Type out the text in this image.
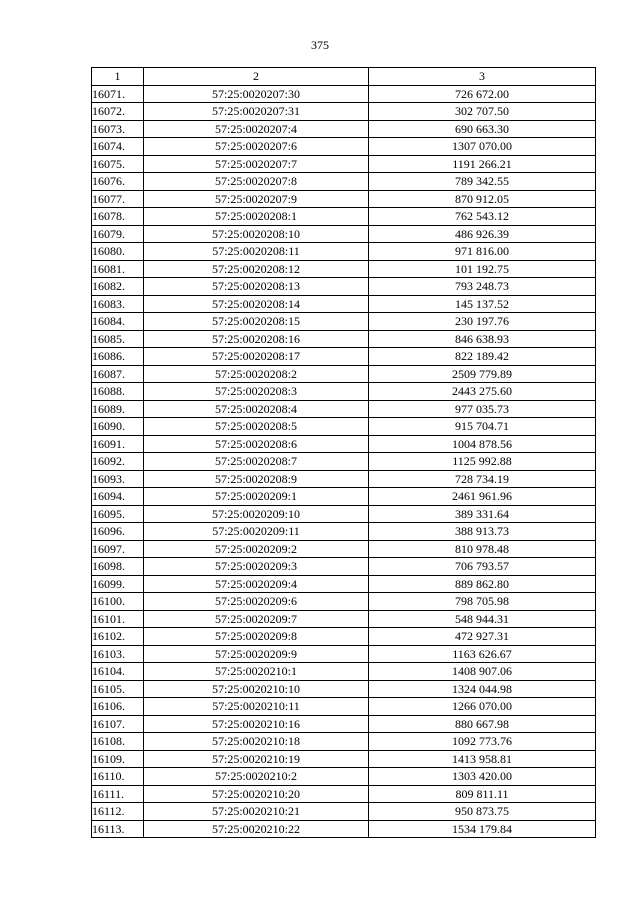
375
1	2	3
16071.	57:25:0020207:30	726 672.00
16072.	57:25:0020207:31	302 707.50
16073.	57:25:0020207:4	690 663.30
16074.	57:25:0020207:6	1307 070.00
16075.	57:25:0020207:7	1191 266.21
16076.	57:25:0020207:8	789 342.55
16077.	57:25:0020207:9	870 912.05
16078.	57:25:0020208:1	762 543.12
16079.	57:25:0020208:10	486 926.39
16080.	57:25:0020208:11	971 816.00
16081.	57:25:0020208:12	101 192.75
16082.	57:25:0020208:13	793 248.73
16083.	57:25:0020208:14	145 137.52
16084.	57:25:0020208:15	230 197.76
16085.	57:25:0020208:16	846 638.93
16086.	57:25:0020208:17	822 189.42
16087.	57:25:0020208:2	2509 779.89
16088.	57:25:0020208:3	2443 275.60
16089.	57:25:0020208:4	977 035.73
16090.	57:25:0020208:5	915 704.71
16091.	57:25:0020208:6	1004 878.56
16092.	57:25:0020208:7	1125 992.88
16093.	57:25:0020208:9	728 734.19
16094.	57:25:0020209:1	2461 961.96
16095.	57:25:0020209:10	389 331.64
16096.	57:25:0020209:11	388 913.73
16097.	57:25:0020209:2	810 978.48
16098.	57:25:0020209:3	706 793.57
16099.	57:25:0020209:4	889 862.80
16100.	57:25:0020209:6	798 705.98
16101.	57:25:0020209:7	548 944.31
16102.	57:25:0020209:8	472 927.31
16103.	57:25:0020209:9	1163 626.67
16104.	57:25:0020210:1	1408 907.06
16105.	57:25:0020210:10	1324 044.98
16106.	57:25:0020210:11	1266 070.00
16107.	57:25:0020210:16	880 667.98
16108.	57:25:0020210:18	1092 773.76
16109.	57:25:0020210:19	1413 958.81
16110.	57:25:0020210:2	1303 420.00
16111.	57:25:0020210:20	809 811.11
16112.	57:25:0020210:21	950 873.75
16113.	57:25:0020210:22	1534 179.84
